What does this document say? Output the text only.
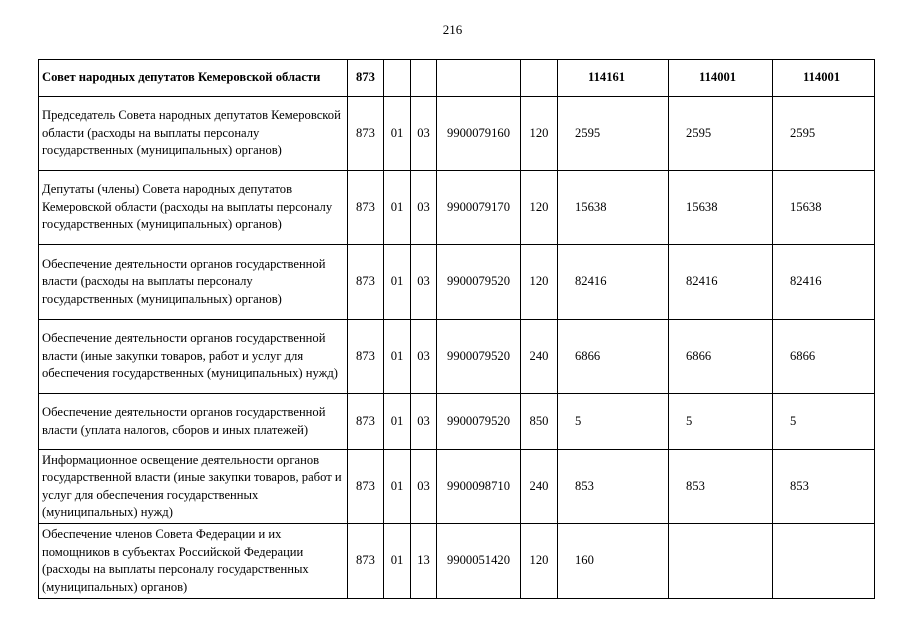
216
Совет народных депутатов Кемеровской области	873					114161	114001	114001
Председатель Совета народных депутатов Кемеровской области (расходы на выплаты персоналу государственных (муниципальных) органов)	873	01	03	9900079160	120	2595	2595	2595
Депутаты (члены) Совета народных депутатов Кемеровской области (расходы на выплаты персоналу государственных (муниципальных) органов)	873	01	03	9900079170	120	15638	15638	15638
Обеспечение деятельности органов государственной власти (расходы на выплаты персоналу государственных (муниципальных) органов)	873	01	03	9900079520	120	82416	82416	82416
Обеспечение деятельности органов государственной власти (иные закупки товаров, работ и услуг для обеспечения государственных (муниципальных) нужд)	873	01	03	9900079520	240	6866	6866	6866
Обеспечение деятельности органов государственной власти (уплата налогов, сборов и иных платежей)	873	01	03	9900079520	850	5	5	5
Информационное освещение деятельности органов государственной власти (иные закупки товаров, работ и услуг для обеспечения государственных (муниципальных) нужд)	873	01	03	9900098710	240	853	853	853
Обеспечение членов Совета Федерации и их помощников в субъектах Российской Федерации (расходы на выплаты персоналу государственных (муниципальных) органов)	873	01	13	9900051420	120	160		
